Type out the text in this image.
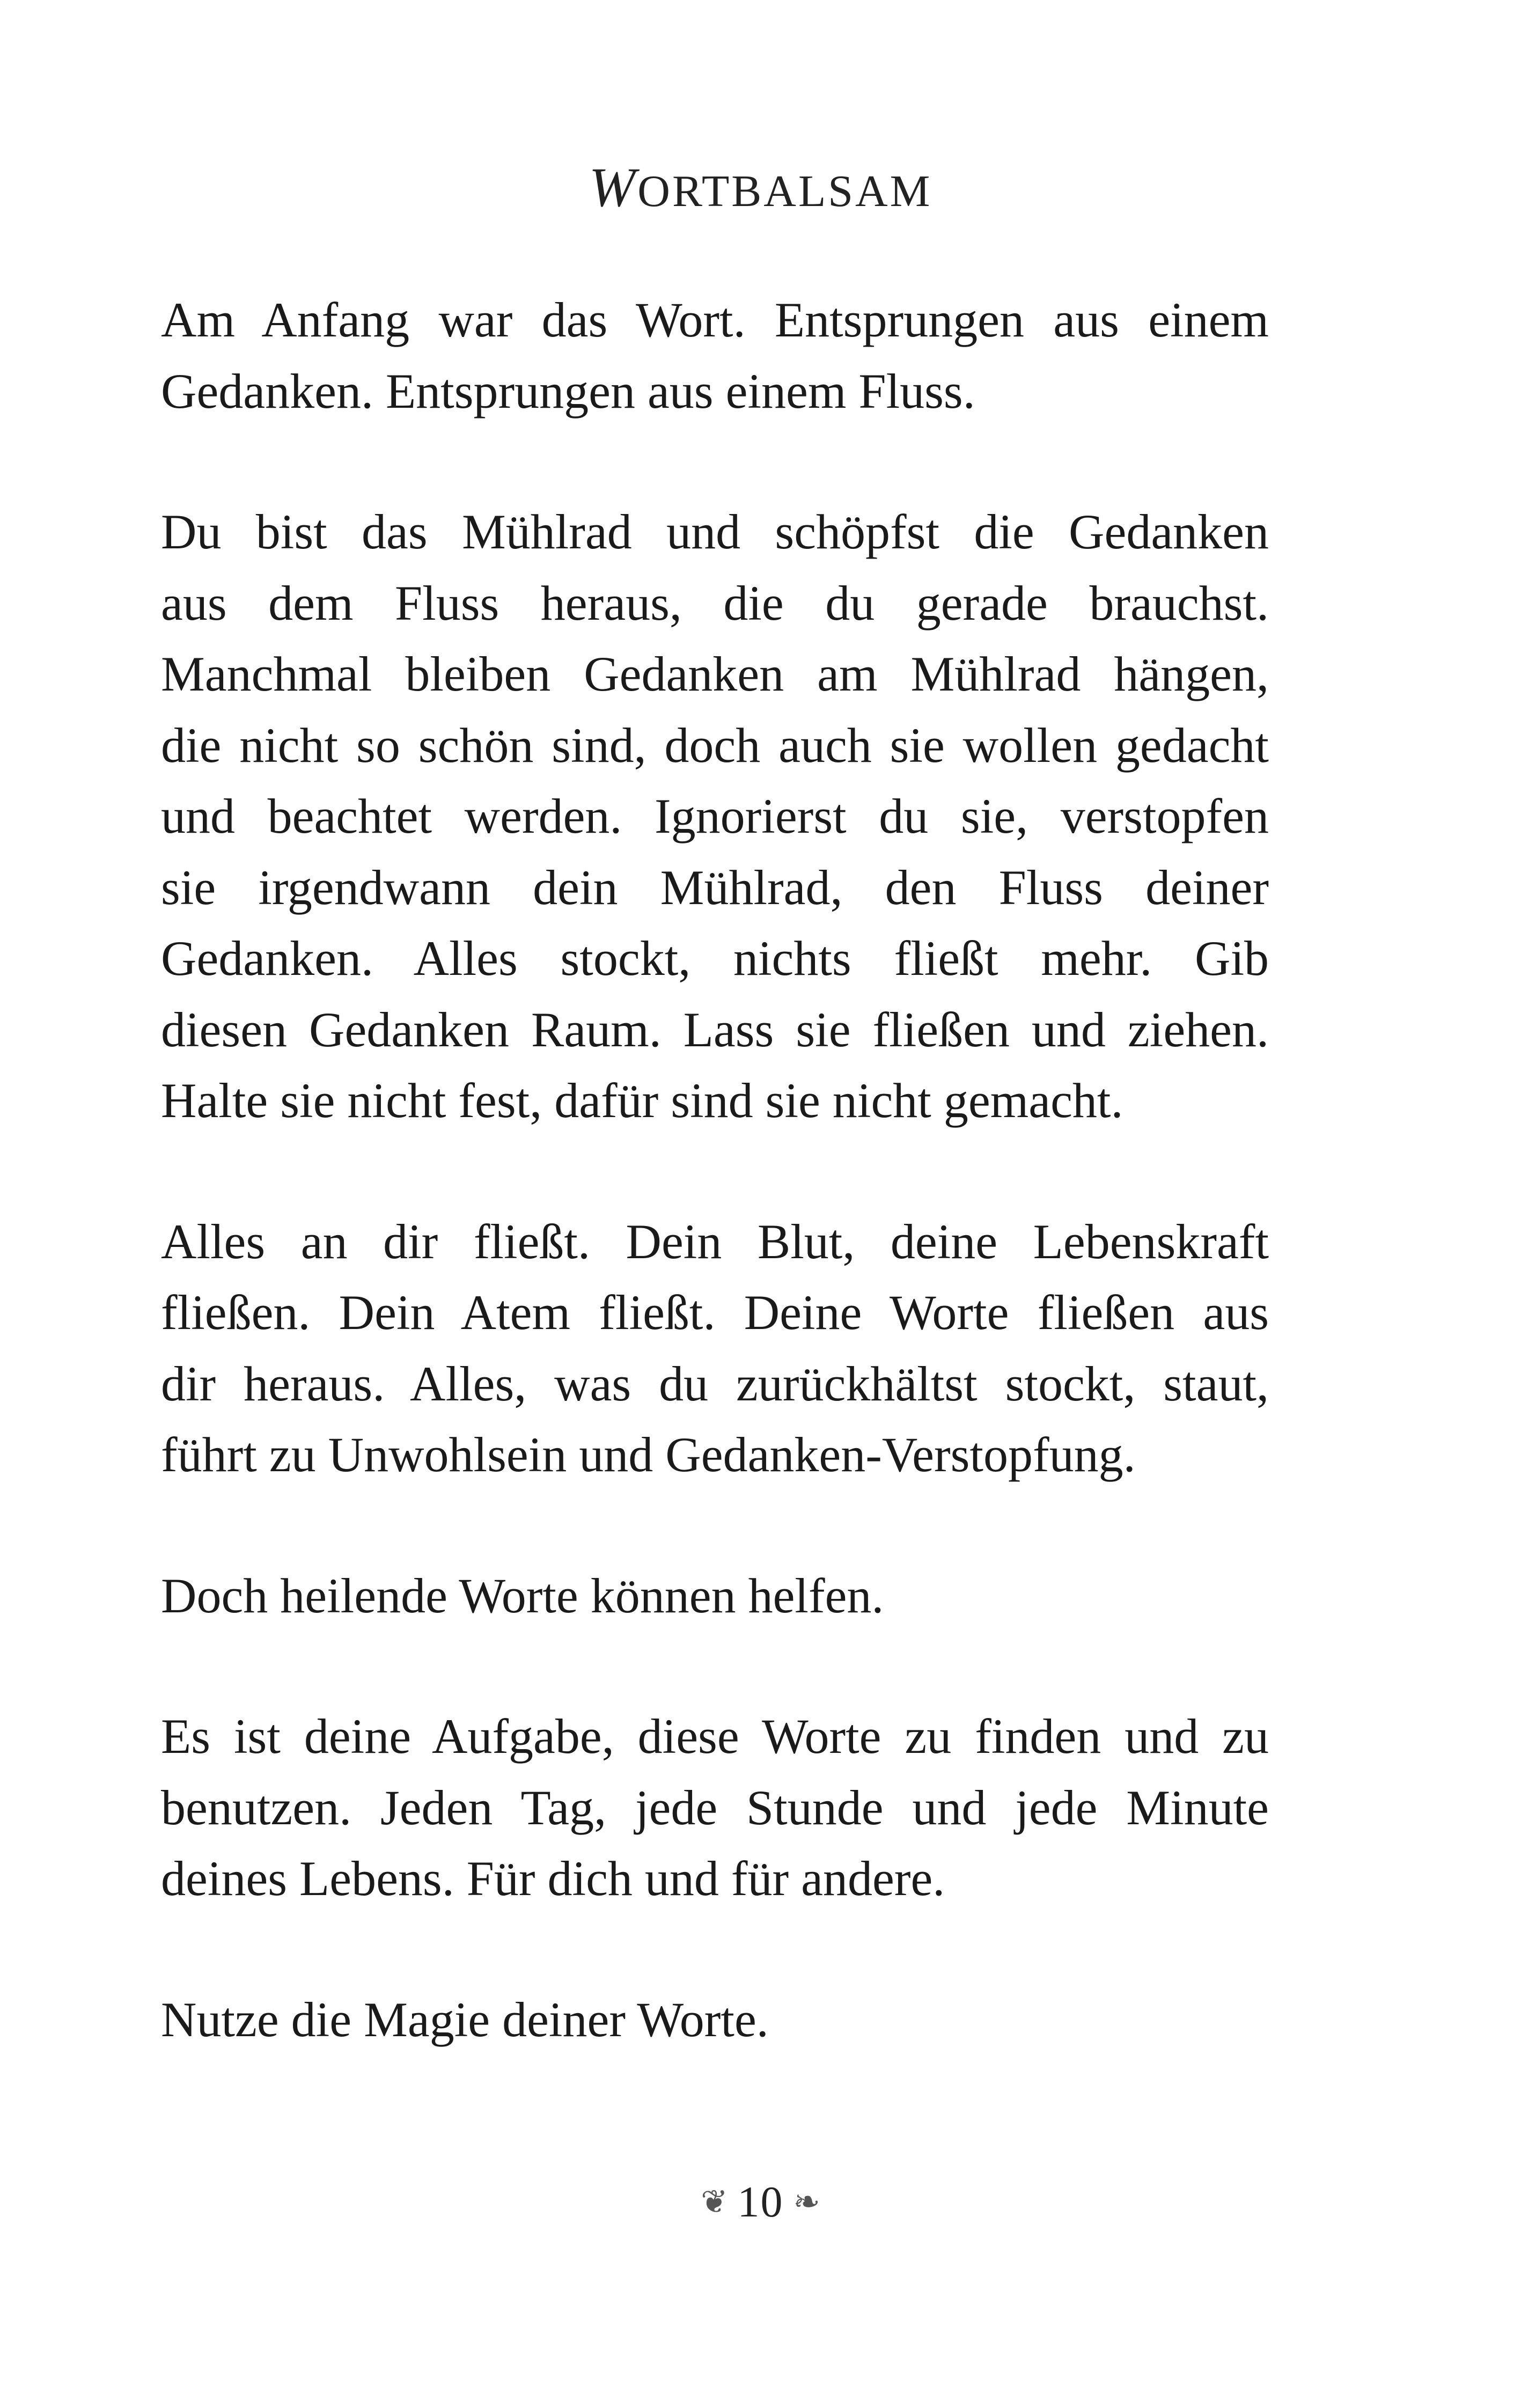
WORTBALSAM

Am Anfang war das Wort. Entsprungen aus einem
Gedanken. Entsprungen aus einem Fluss.

Du bist das Mühlrad und schöpfst die Gedanken
aus dem Fluss heraus, die du gerade brauchst.
Manchmal bleiben Gedanken am Mühlrad hängen,
die nicht so schön sind, doch auch sie wollen gedacht
und beachtet werden. Ignorierst du sie, verstopfen
sie irgendwann dein Mühlrad, den Fluss deiner
Gedanken. Alles stockt, nichts fließt mehr. Gib
diesen Gedanken Raum. Lass sie fließen und ziehen.
Halte sie nicht fest, dafür sind sie nicht gemacht.

Alles an dir fließt. Dein Blut, deine Lebenskraft
fließen. Dein Atem fließt. Deine Worte fließen aus
dir heraus. Alles, was du zurückhältst stockt, staut,
führt zu Unwohlsein und Gedanken-Verstopfung.

Doch heilende Worte können helfen.

Es ist deine Aufgabe, diese Worte zu finden und zu
benutzen. Jeden Tag, jede Stunde und jede Minute
deines Lebens. Für dich und für andere.

Nutze die Magie deiner Worte.

❦ 10 ❧
